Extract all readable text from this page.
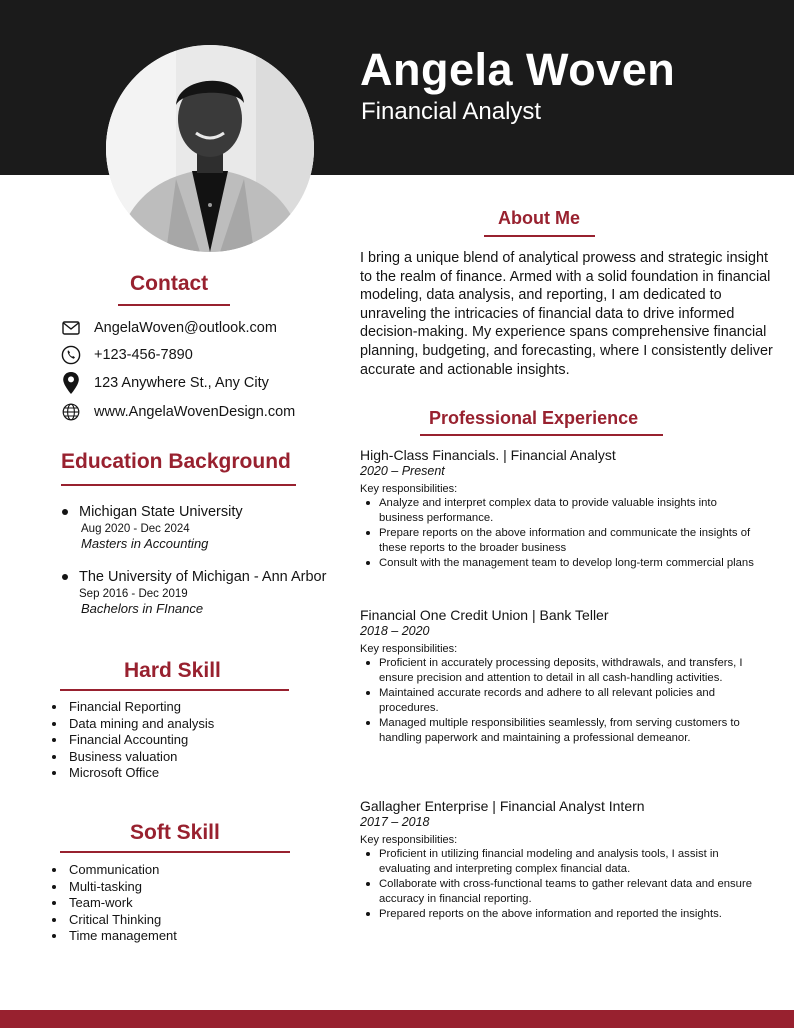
Angela Woven
Financial Analyst
Contact
AngelaWoven@outlook.com
+123-456-7890
123 Anywhere St., Any City
www.AngelaWovenDesign.com
Education Background
Michigan State University
Aug 2020 - Dec 2024
Masters in Accounting
The University of Michigan - Ann Arbor
Sep 2016 - Dec 2019
Bachelors in FInance
Hard Skill
Financial Reporting
Data mining and analysis
Financial Accounting
Business valuation
Microsoft Office
Soft Skill
Communication
Multi-tasking
Team-work
Critical Thinking
Time management
About Me
I bring a unique blend of analytical prowess and strategic insight to the realm of finance. Armed with a solid foundation in financial modeling, data analysis, and reporting, I am dedicated to unraveling the intricacies of financial data to drive informed decision-making. My experience spans comprehensive financial planning, budgeting, and forecasting, where I consistently deliver accurate and actionable insights.
Professional Experience
High-Class Financials. | Financial Analyst
2020 – Present
Key responsibilities:
Analyze and interpret complex data to provide valuable insights into business performance.
Prepare reports on the above information and communicate the insights of these reports to the broader business
Consult with the management team to develop long-term commercial plans
Financial One Credit Union | Bank Teller
2018 – 2020
Key responsibilities:
Proficient in accurately processing deposits, withdrawals, and transfers, I ensure precision and attention to detail in all cash-handling activities.
Maintained accurate records and adhere to all relevant policies and procedures.
Managed multiple responsibilities seamlessly, from serving customers to handling paperwork and maintaining a professional demeanor.
Gallagher Enterprise | Financial Analyst Intern
2017 – 2018
Key responsibilities:
Proficient in utilizing financial modeling and analysis tools, I assist in evaluating and interpreting complex financial data.
Collaborate with cross-functional teams to gather relevant data and ensure accuracy in financial reporting.
Prepared reports on the above information and reported the insights.
